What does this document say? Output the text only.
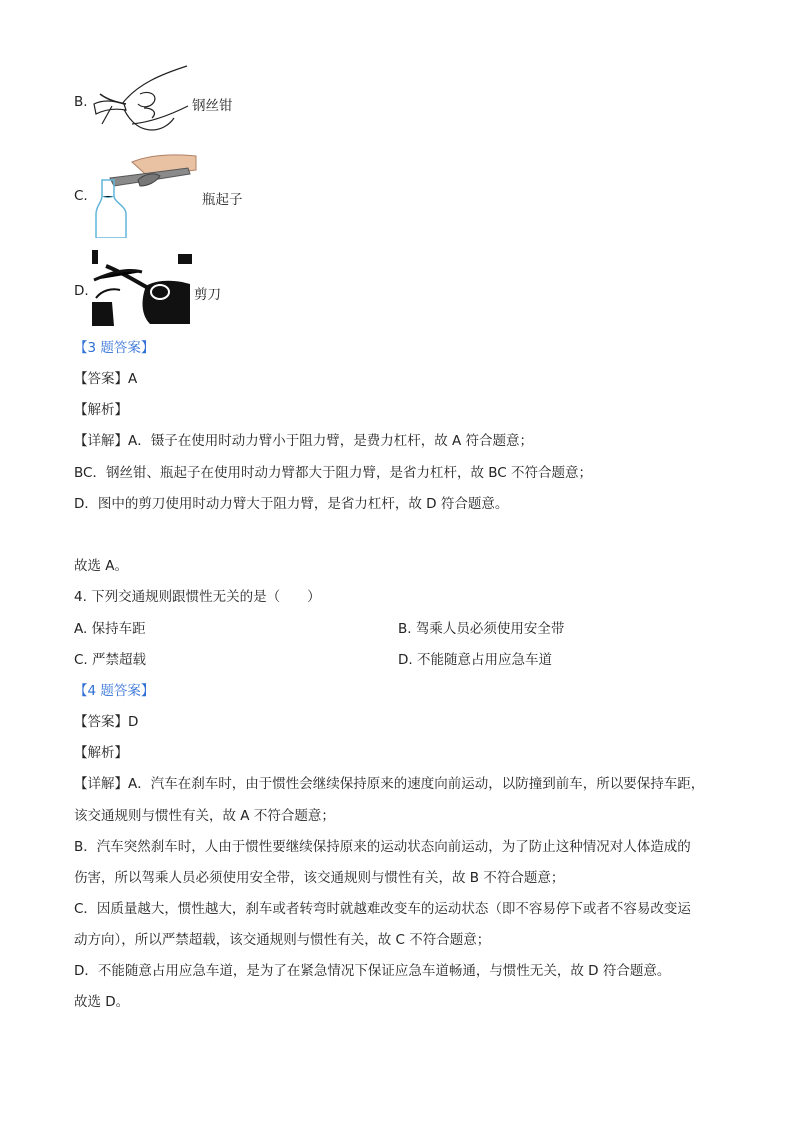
B.	钢丝钳
C.	瓶起子
D.	剪刀
【3 题答案】
【答案】A
【解析】
【详解】A．镊子在使用时动力臂小于阻力臂，是费力杠杆，故 A 符合题意；
BC．钢丝钳、瓶起子在使用时动力臂都大于阻力臂，是省力杠杆，故 BC 不符合题意；
D．图中的剪刀使用时动力臂大于阻力臂，是省力杠杆，故 D 符合题意。
故选 A。
4. 下列交通规则跟惯性无关的是（　　）
A. 保持车距	B. 驾乘人员必须使用安全带
C. 严禁超载	D. 不能随意占用应急车道
【4 题答案】
【答案】D
【解析】
【详解】A．汽车在刹车时，由于惯性会继续保持原来的速度向前运动，以防撞到前车，所以要保持车距，
该交通规则与惯性有关，故 A 不符合题意；
B．汽车突然刹车时，人由于惯性要继续保持原来的运动状态向前运动，为了防止这种情况对人体造成的
伤害，所以驾乘人员必须使用安全带，该交通规则与惯性有关，故 B 不符合题意；
C．因质量越大，惯性越大，刹车或者转弯时就越难改变车的运动状态（即不容易停下或者不容易改变运
动方向），所以严禁超载，该交通规则与惯性有关，故 C 不符合题意；
D．不能随意占用应急车道，是为了在紧急情况下保证应急车道畅通，与惯性无关，故 D 符合题意。
故选 D。
